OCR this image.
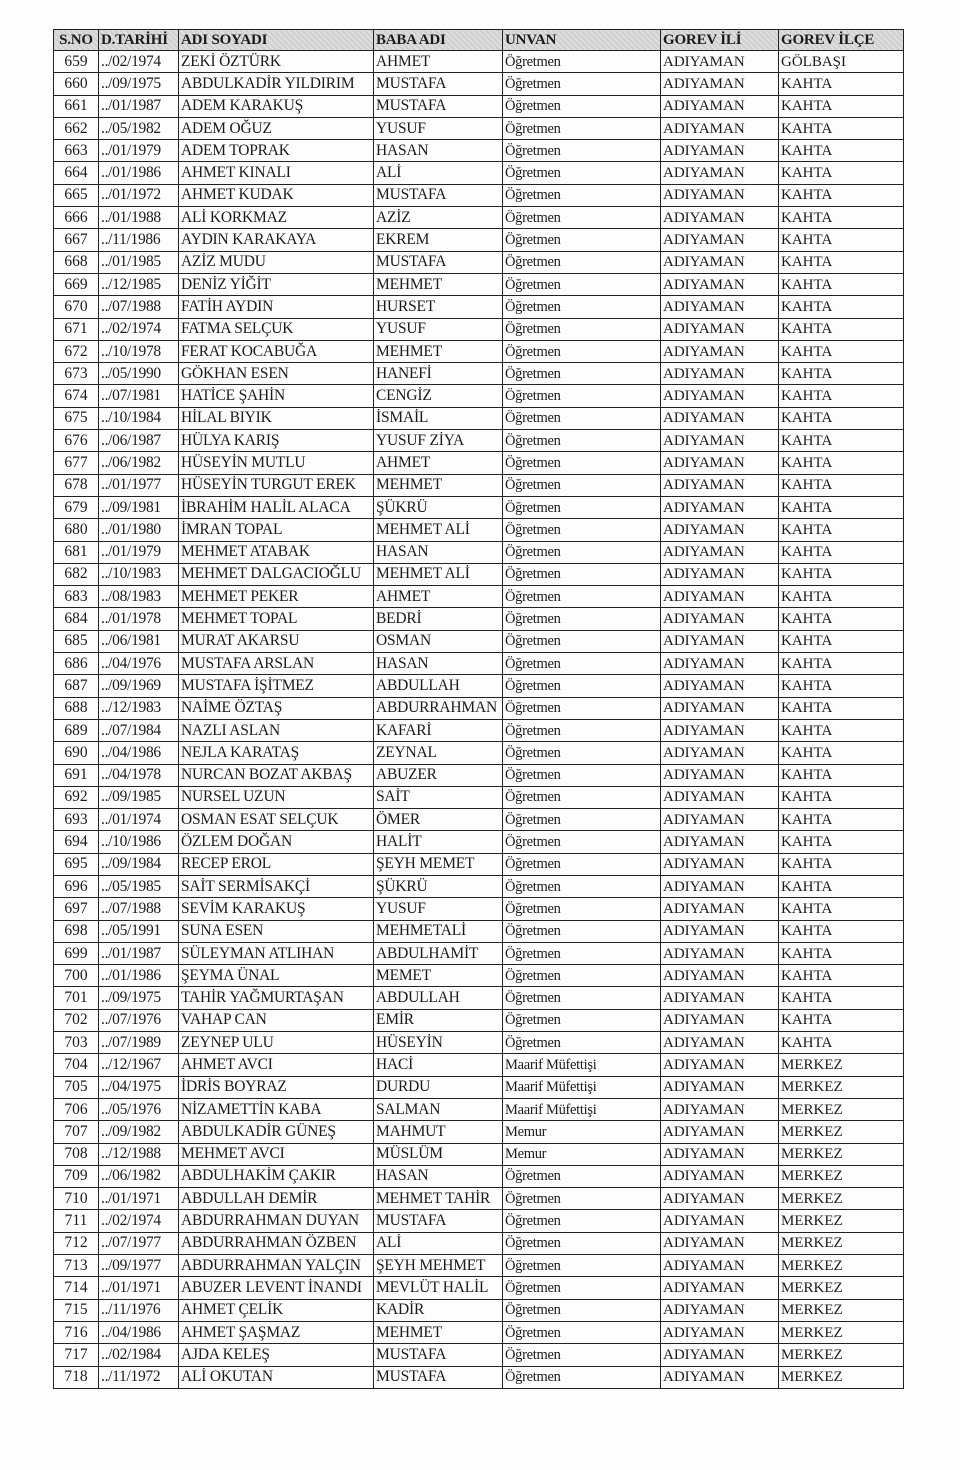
S.NO	D.TARİHİ	ADI SOYADI	BABA ADI	UNVAN	GOREV İLİ	GOREV İLÇE
659	../02/1974	ZEKİ ÖZTÜRK	AHMET	Öğretmen	ADIYAMAN	GÖLBAŞI
660	../09/1975	ABDULKADİR YILDIRIM	MUSTAFA	Öğretmen	ADIYAMAN	KAHTA
661	../01/1987	ADEM KARAKUŞ	MUSTAFA	Öğretmen	ADIYAMAN	KAHTA
662	../05/1982	ADEM OĞUZ	YUSUF	Öğretmen	ADIYAMAN	KAHTA
663	../01/1979	ADEM TOPRAK	HASAN	Öğretmen	ADIYAMAN	KAHTA
664	../01/1986	AHMET KINALI	ALİ	Öğretmen	ADIYAMAN	KAHTA
665	../01/1972	AHMET KUDAK	MUSTAFA	Öğretmen	ADIYAMAN	KAHTA
666	../01/1988	ALİ KORKMAZ	AZİZ	Öğretmen	ADIYAMAN	KAHTA
667	../11/1986	AYDIN KARAKAYA	EKREM	Öğretmen	ADIYAMAN	KAHTA
668	../01/1985	AZİZ MUDU	MUSTAFA	Öğretmen	ADIYAMAN	KAHTA
669	../12/1985	DENİZ YİĞİT	MEHMET	Öğretmen	ADIYAMAN	KAHTA
670	../07/1988	FATİH AYDIN	HURSET	Öğretmen	ADIYAMAN	KAHTA
671	../02/1974	FATMA SELÇUK	YUSUF	Öğretmen	ADIYAMAN	KAHTA
672	../10/1978	FERAT KOCABUĞA	MEHMET	Öğretmen	ADIYAMAN	KAHTA
673	../05/1990	GÖKHAN ESEN	HANEFİ	Öğretmen	ADIYAMAN	KAHTA
674	../07/1981	HATİCE ŞAHİN	CENGİZ	Öğretmen	ADIYAMAN	KAHTA
675	../10/1984	HİLAL BIYIK	İSMAİL	Öğretmen	ADIYAMAN	KAHTA
676	../06/1987	HÜLYA KARIŞ	YUSUF ZİYA	Öğretmen	ADIYAMAN	KAHTA
677	../06/1982	HÜSEYİN MUTLU	AHMET	Öğretmen	ADIYAMAN	KAHTA
678	../01/1977	HÜSEYİN TURGUT EREK	MEHMET	Öğretmen	ADIYAMAN	KAHTA
679	../09/1981	İBRAHİM HALİL ALACA	ŞÜKRÜ	Öğretmen	ADIYAMAN	KAHTA
680	../01/1980	İMRAN TOPAL	MEHMET ALİ	Öğretmen	ADIYAMAN	KAHTA
681	../01/1979	MEHMET ATABAK	HASAN	Öğretmen	ADIYAMAN	KAHTA
682	../10/1983	MEHMET DALGACIOĞLU	MEHMET ALİ	Öğretmen	ADIYAMAN	KAHTA
683	../08/1983	MEHMET PEKER	AHMET	Öğretmen	ADIYAMAN	KAHTA
684	../01/1978	MEHMET TOPAL	BEDRİ	Öğretmen	ADIYAMAN	KAHTA
685	../06/1981	MURAT AKARSU	OSMAN	Öğretmen	ADIYAMAN	KAHTA
686	../04/1976	MUSTAFA ARSLAN	HASAN	Öğretmen	ADIYAMAN	KAHTA
687	../09/1969	MUSTAFA İŞİTMEZ	ABDULLAH	Öğretmen	ADIYAMAN	KAHTA
688	../12/1983	NAİME ÖZTAŞ	ABDURRAHMAN	Öğretmen	ADIYAMAN	KAHTA
689	../07/1984	NAZLI ASLAN	KAFARİ	Öğretmen	ADIYAMAN	KAHTA
690	../04/1986	NEJLA KARATAŞ	ZEYNAL	Öğretmen	ADIYAMAN	KAHTA
691	../04/1978	NURCAN BOZAT AKBAŞ	ABUZER	Öğretmen	ADIYAMAN	KAHTA
692	../09/1985	NURSEL UZUN	SAİT	Öğretmen	ADIYAMAN	KAHTA
693	../01/1974	OSMAN ESAT SELÇUK	ÖMER	Öğretmen	ADIYAMAN	KAHTA
694	../10/1986	ÖZLEM DOĞAN	HALİT	Öğretmen	ADIYAMAN	KAHTA
695	../09/1984	RECEP EROL	ŞEYH MEMET	Öğretmen	ADIYAMAN	KAHTA
696	../05/1985	SAİT SERMİSAKÇİ	ŞÜKRÜ	Öğretmen	ADIYAMAN	KAHTA
697	../07/1988	SEVİM KARAKUŞ	YUSUF	Öğretmen	ADIYAMAN	KAHTA
698	../05/1991	SUNA ESEN	MEHMETALİ	Öğretmen	ADIYAMAN	KAHTA
699	../01/1987	SÜLEYMAN ATLIHAN	ABDULHAMİT	Öğretmen	ADIYAMAN	KAHTA
700	../01/1986	ŞEYMA ÜNAL	MEMET	Öğretmen	ADIYAMAN	KAHTA
701	../09/1975	TAHİR YAĞMURTAŞAN	ABDULLAH	Öğretmen	ADIYAMAN	KAHTA
702	../07/1976	VAHAP CAN	EMİR	Öğretmen	ADIYAMAN	KAHTA
703	../07/1989	ZEYNEP ULU	HÜSEYİN	Öğretmen	ADIYAMAN	KAHTA
704	../12/1967	AHMET AVCI	HACİ	Maarif Müfettişi	ADIYAMAN	MERKEZ
705	../04/1975	İDRİS BOYRAZ	DURDU	Maarif Müfettişi	ADIYAMAN	MERKEZ
706	../05/1976	NİZAMETTİN KABA	SALMAN	Maarif Müfettişi	ADIYAMAN	MERKEZ
707	../09/1982	ABDULKADİR GÜNEŞ	MAHMUT	Memur	ADIYAMAN	MERKEZ
708	../12/1988	MEHMET AVCI	MÜSLÜM	Memur	ADIYAMAN	MERKEZ
709	../06/1982	ABDULHAKİM ÇAKIR	HASAN	Öğretmen	ADIYAMAN	MERKEZ
710	../01/1971	ABDULLAH DEMİR	MEHMET TAHİR	Öğretmen	ADIYAMAN	MERKEZ
711	../02/1974	ABDURRAHMAN DUYAN	MUSTAFA	Öğretmen	ADIYAMAN	MERKEZ
712	../07/1977	ABDURRAHMAN ÖZBEN	ALİ	Öğretmen	ADIYAMAN	MERKEZ
713	../09/1977	ABDURRAHMAN YALÇIN	ŞEYH MEHMET	Öğretmen	ADIYAMAN	MERKEZ
714	../01/1971	ABUZER LEVENT İNANDI	MEVLÜT HALİL	Öğretmen	ADIYAMAN	MERKEZ
715	../11/1976	AHMET ÇELİK	KADİR	Öğretmen	ADIYAMAN	MERKEZ
716	../04/1986	AHMET ŞAŞMAZ	MEHMET	Öğretmen	ADIYAMAN	MERKEZ
717	../02/1984	AJDA KELEŞ	MUSTAFA	Öğretmen	ADIYAMAN	MERKEZ
718	../11/1972	ALİ OKUTAN	MUSTAFA	Öğretmen	ADIYAMAN	MERKEZ
